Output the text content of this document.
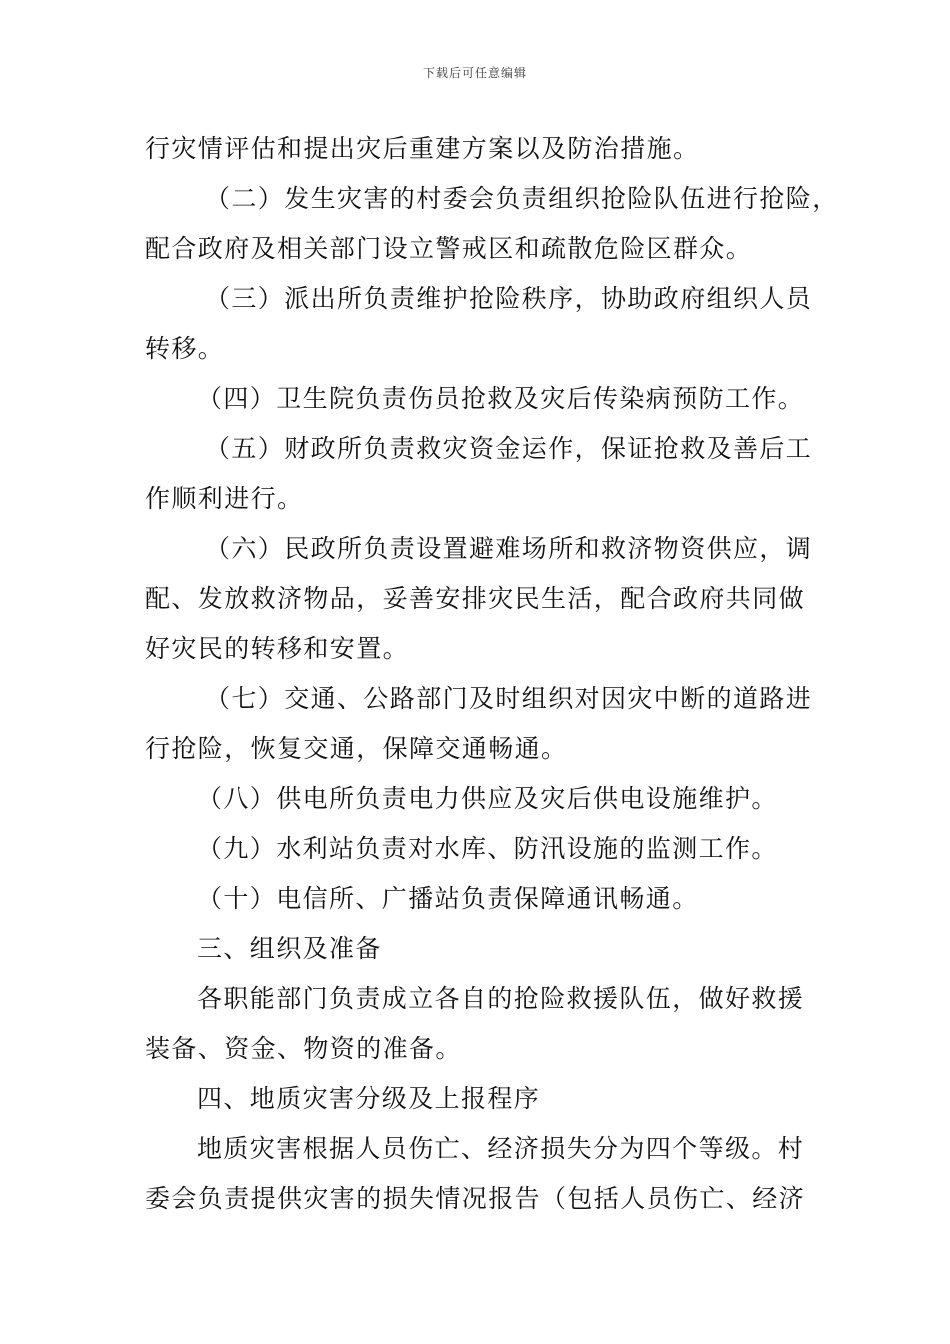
下载后可任意编辑
行灾情评估和提出灾后重建方案以及防治措施。
（二）发生灾害的村委会负责组织抢险队伍进行抢险，
配合政府及相关部门设立警戒区和疏散危险区群众。
（三）派出所负责维护抢险秩序，协助政府组织人员
转移。
（四）卫生院负责伤员抢救及灾后传染病预防工作。
（五）财政所负责救灾资金运作，保证抢救及善后工
作顺利进行。
（六）民政所负责设置避难场所和救济物资供应，调
配、发放救济物品，妥善安排灾民生活，配合政府共同做
好灾民的转移和安置。
（七）交通、公路部门及时组织对因灾中断的道路进
行抢险，恢复交通，保障交通畅通。
（八）供电所负责电力供应及灾后供电设施维护。
（九）水利站负责对水库、防汛设施的监测工作。
（十）电信所、广播站负责保障通讯畅通。
三、组织及准备
各职能部门负责成立各自的抢险救援队伍，做好救援
装备、资金、物资的准备。
四、地质灾害分级及上报程序
地质灾害根据人员伤亡、经济损失分为四个等级。村
委会负责提供灾害的损失情况报告（包括人员伤亡、经济
